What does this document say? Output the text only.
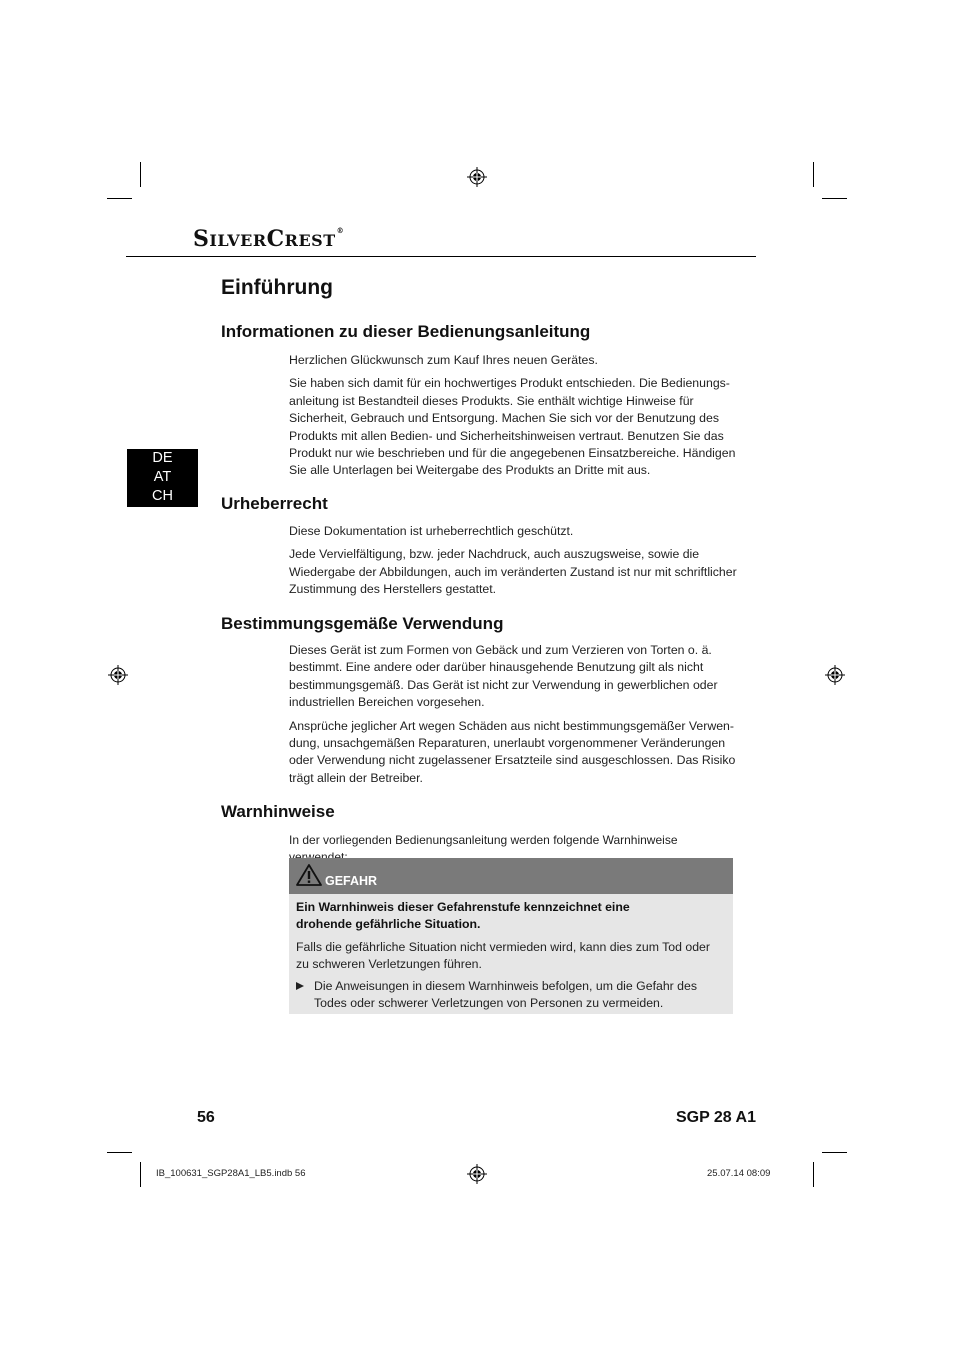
SILVERCREST®
DE
AT
CH
Einführung
Informationen zu dieser Bedienungsanleitung

Herzlichen Glückwunsch zum Kauf Ihres neuen Gerätes.

Sie haben sich damit für ein hochwertiges Produkt entschieden. Die Bedienungs-
anleitung ist Bestandteil dieses Produkts. Sie enthält wichtige Hinweise für
Sicherheit, Gebrauch und Entsorgung. Machen Sie sich vor der Benutzung des
Produkts mit allen Bedien- und Sicherheitshinweisen vertraut. Benutzen Sie das
Produkt nur wie beschrieben und für die angegebenen Einsatzbereiche. Händigen
Sie alle Unterlagen bei Weitergabe des Produkts an Dritte mit aus.

Urheberrecht

Diese Dokumentation ist urheberrechtlich geschützt.

Jede Vervielfältigung, bzw. jeder Nachdruck, auch auszugsweise, sowie die
Wiedergabe der Abbildungen, auch im veränderten Zustand ist nur mit schriftlicher
Zustimmung des Herstellers gestattet.

Bestimmungsgemäße Verwendung

Dieses Gerät ist zum Formen von Gebäck und zum Verzieren von Torten o. ä.
bestimmt. Eine andere oder darüber hinausgehende Benutzung gilt als nicht
bestimmungsgemäß. Das Gerät ist nicht zur Verwendung in gewerblichen oder
industriellen Bereichen vorgesehen.

Ansprüche jeglicher Art wegen Schäden aus nicht bestimmungsgemäßer Verwen-
dung, unsachgemäßen Reparaturen, unerlaubt vorgenommener Veränderungen
oder Verwendung nicht zugelassener Ersatzteile sind ausgeschlossen. Das Risiko
trägt allein der Betreiber.

Warnhinweise
In der vorliegenden Bedienungsanleitung werden folgende Warnhinweise
GEFAHR
Ein Warnhinweis dieser Gefahrenstufe kennzeichnet eine
drohende gefährliche Situation.
Falls die gefährliche Situation nicht vermieden wird, kann dies zum Tod oder
zu schweren Verletzungen führen.
Die Anweisungen in diesem Warnhinweis befolgen, um die Gefahr des
Todes oder schwerer Verletzungen von Personen zu vermeiden.
56	SGP 28 A1
IB_100631_SGP28A1_LB5.indb 56	25.07.14 08:09
